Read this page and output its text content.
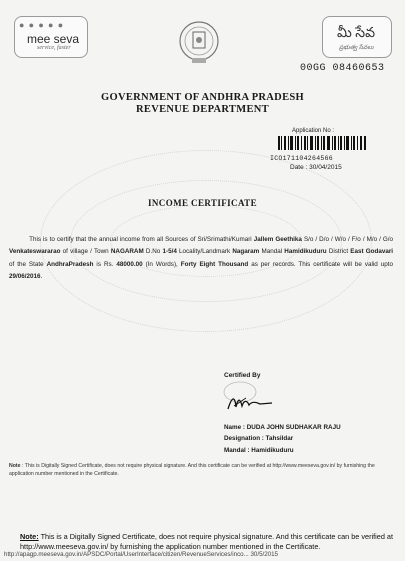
● ● ● ● ●
mee seva
service, faster
మీ సేవ
ప్రభుత్వ సేవలు
00GG 08460653
GOVERNMENT OF ANDHRA PRADESH
REVENUE DEPARTMENT
Application No :
ICO171104264566
Date : 30/04/2015
INCOME CERTIFICATE
This is to certify that the annual income from all Sources of Sri/Srimathi/Kumari Jallem Geethika S/o / D/o / W/o / F/o / M/o / G/o Venkateswararao of village / Town NAGARAM D.No 1-5/4 Locality/Landmark Nagaram Mandal Hamidikuduru District East Godavari of the State AndhraPradesh is Rs. 48000.00 (In Words), Forty Eight Thousand as per records. This certificate will be valid upto 29/06/2016.
Certified By
Name : DUDA JOHN SUDHAKAR RAJU
Designation : Tahsildar
Mandal : Hamidikuduru
Note : This is Digitally Signed Certificate, does not require physical signature. And this certificate can be verified at http://www.meeseva.gov.in/ by furnishing the application number mentioned in the Certificate.
Note: This is a Digitally Signed Certificate, does not require physical signature. And this certificate can be verified at http://www.meeseva.gov.in/ by furnishing the application number mentioned in the Certificate.
http://apagp.meeseva.gov.in/APSDC/Portal/UserInterface/citizen/RevenueServices/inco... 30/5/2015
